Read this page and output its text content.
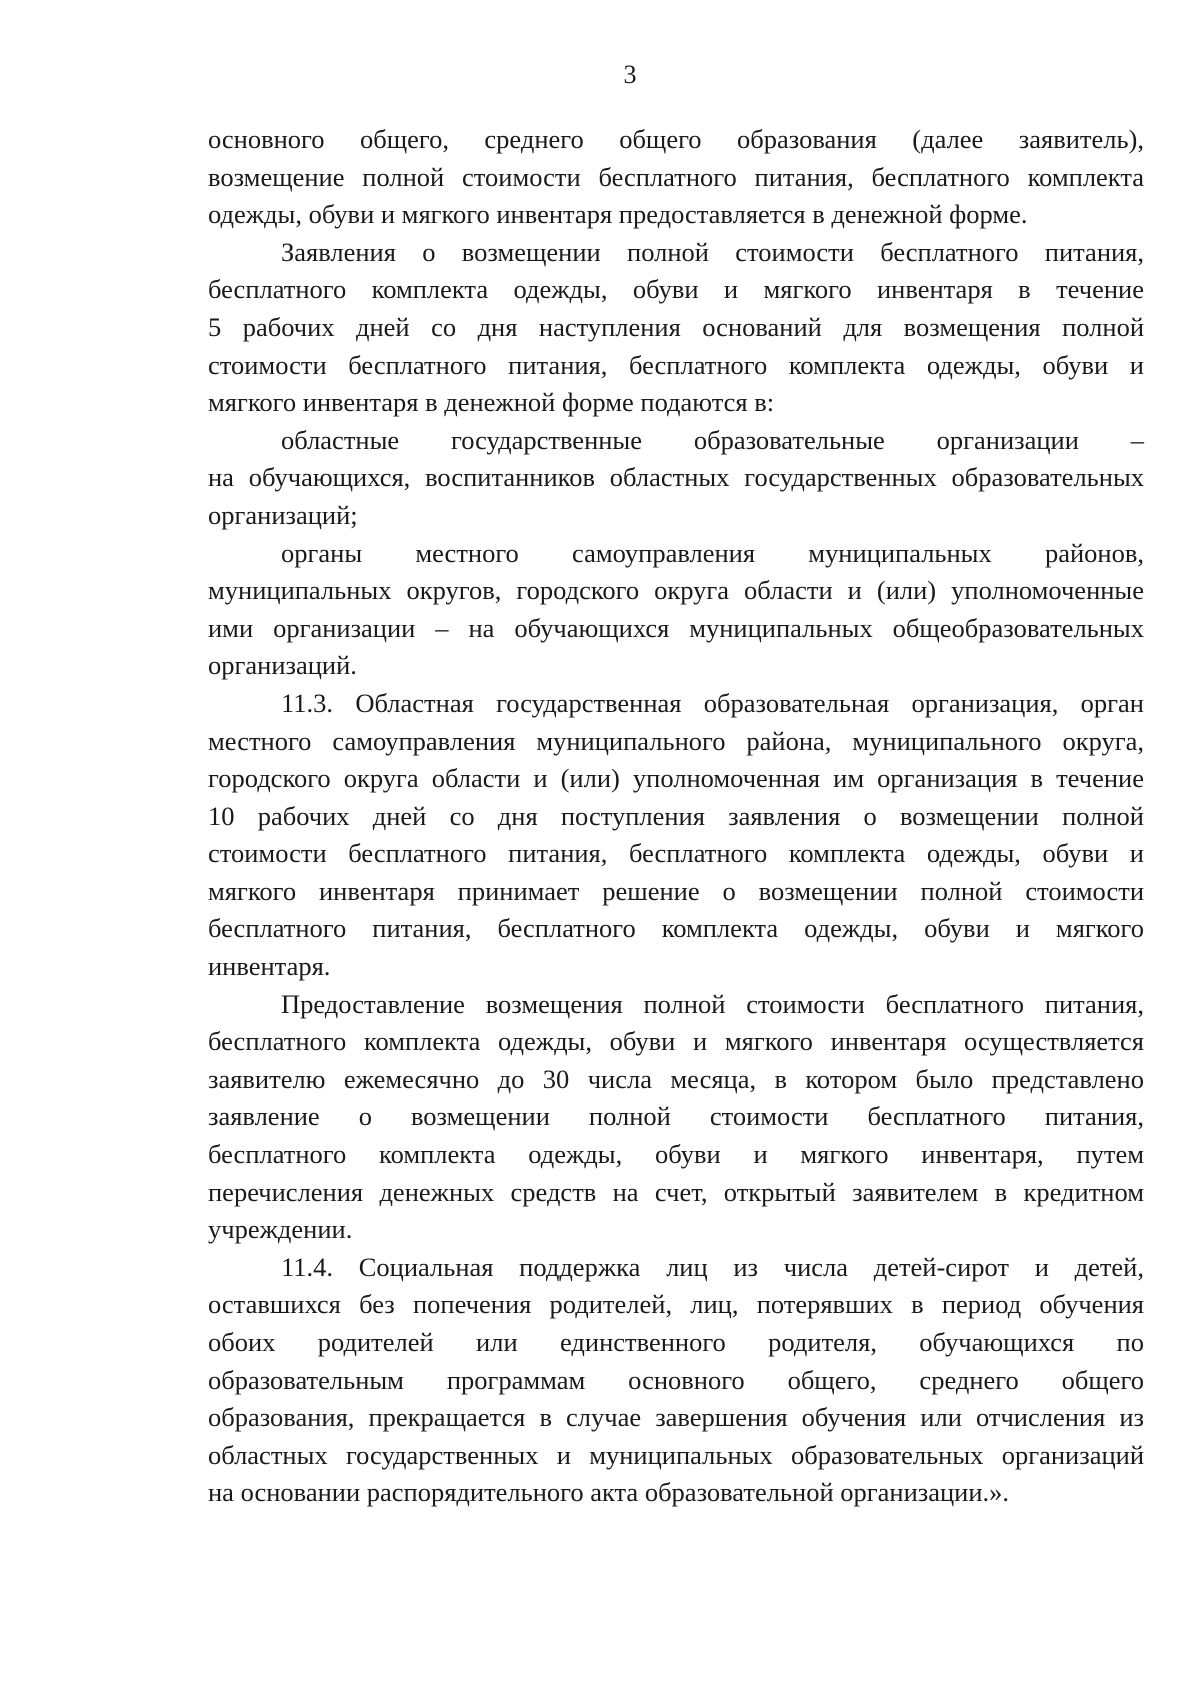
3

основного общего, среднего общего образования (далее заявитель),
возмещение полной стоимости бесплатного питания, бесплатного комплекта
одежды, обуви и мягкого инвентаря предоставляется в денежной форме.

Заявления о возмещении полной стоимости бесплатного питания,
бесплатного комплекта одежды, обуви и мягкого инвентаря в течение
5 рабочих дней со дня наступления оснований для возмещения полной
стоимости бесплатного питания, бесплатного комплекта одежды, обуви и
мягкого инвентаря в денежной форме подаются в:

областные государственные образовательные организации –
на обучающихся, воспитанников областных государственных образовательных
организаций;

органы местного самоуправления муниципальных районов,
муниципальных округов, городского округа области и (или) уполномоченные
ими организации – на обучающихся муниципальных общеобразовательных
организаций.

11.3. Областная государственная образовательная организация, орган
местного самоуправления муниципального района, муниципального округа,
городского округа области и (или) уполномоченная им организация в течение
10 рабочих дней со дня поступления заявления о возмещении полной
стоимости бесплатного питания, бесплатного комплекта одежды, обуви и
мягкого инвентаря принимает решение о возмещении полной стоимости
бесплатного питания, бесплатного комплекта одежды, обуви и мягкого
инвентаря.

Предоставление возмещения полной стоимости бесплатного питания,
бесплатного комплекта одежды, обуви и мягкого инвентаря осуществляется
заявителю ежемесячно до 30 числа месяца, в котором было представлено
заявление о возмещении полной стоимости бесплатного питания,
бесплатного комплекта одежды, обуви и мягкого инвентаря, путем
перечисления денежных средств на счет, открытый заявителем в кредитном
учреждении.

11.4. Социальная поддержка лиц из числа детей-сирот и детей,
оставшихся без попечения родителей, лиц, потерявших в период обучения
обоих родителей или единственного родителя, обучающихся по
образовательным программам основного общего, среднего общего
образования, прекращается в случае завершения обучения или отчисления из
областных государственных и муниципальных образовательных организаций
на основании распорядительного акта образовательной организации.».
